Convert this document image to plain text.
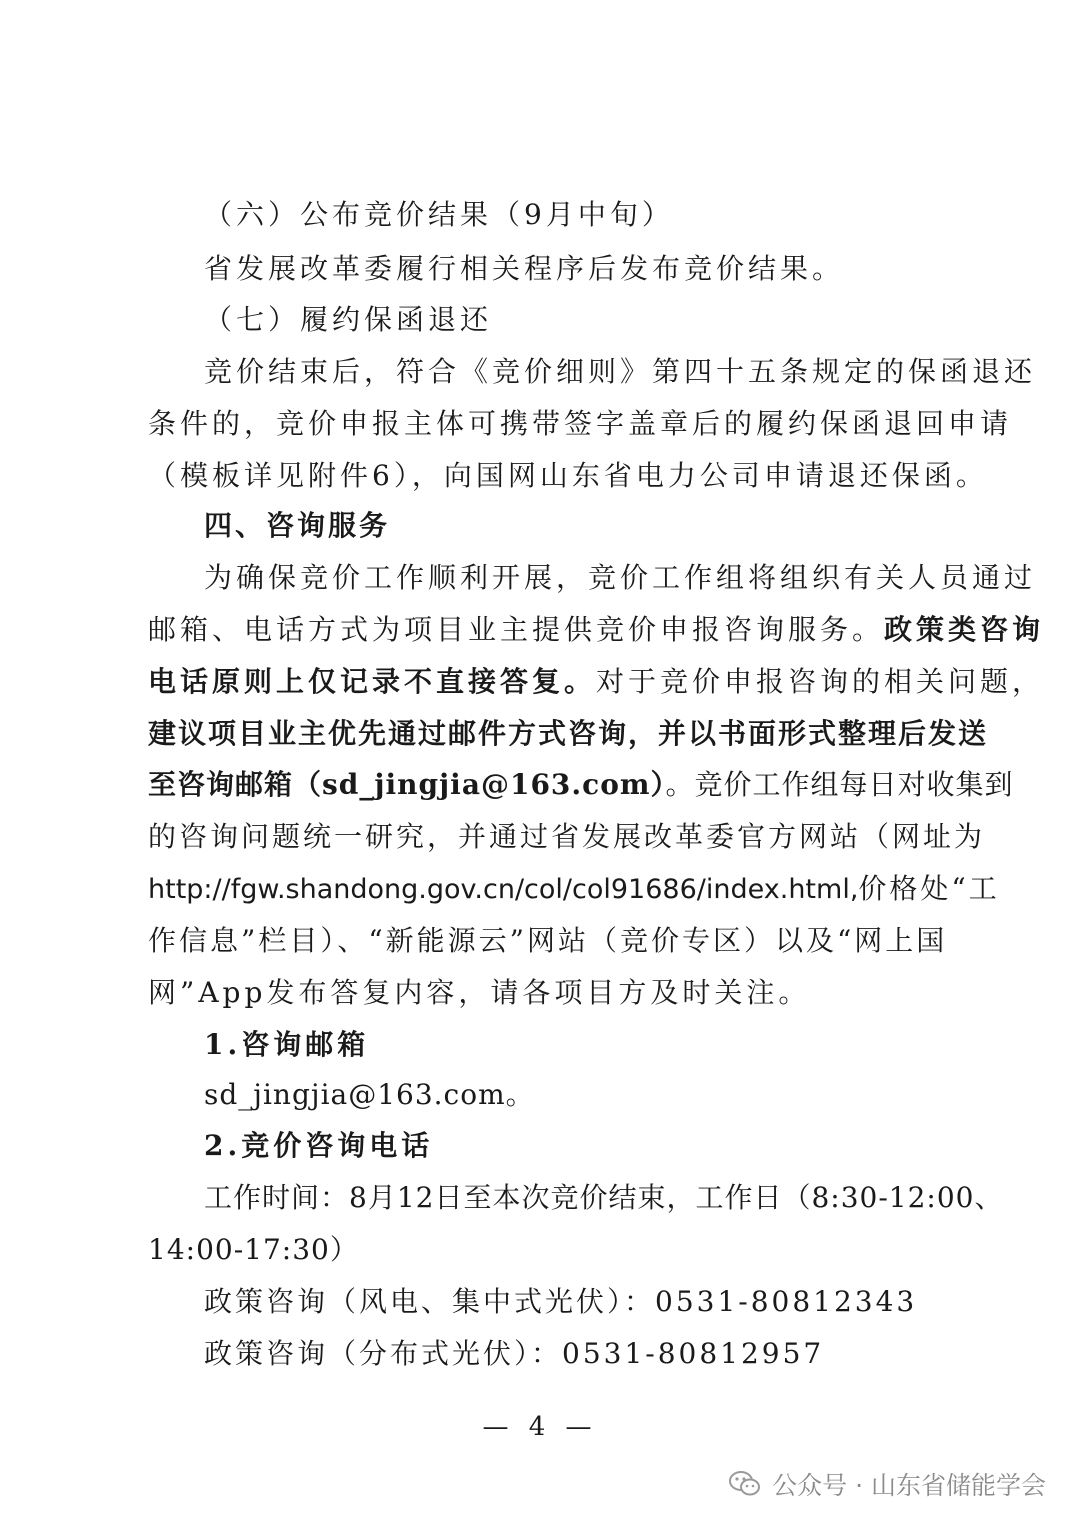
（六）公布竞价结果（9月中旬）
省发展改革委履行相关程序后发布竞价结果。
（七）履约保函退还
竞价结束后，符合《竞价细则》第四十五条规定的保函退还
条件的，竞价申报主体可携带签字盖章后的履约保函退回申请
（模板详见附件6），向国网山东省电力公司申请退还保函。
四、咨询服务
为确保竞价工作顺利开展，竞价工作组将组织有关人员通过
邮箱、电话方式为项目业主提供竞价申报咨询服务。政策类咨询
电话原则上仅记录不直接答复。对于竞价申报咨询的相关问题，
建议项目业主优先通过邮件方式咨询，并以书面形式整理后发送
至咨询邮箱（sd_jingjia@163.com）。竞价工作组每日对收集到
的咨询问题统一研究，并通过省发展改革委官方网站（网址为
http://fgw.shandong.gov.cn/col/col91686/index.html,价格处“工
作信息”栏目）、“新能源云”网站（竞价专区）以及“网上国
网”App发布答复内容，请各项目方及时关注。
1.咨询邮箱
sd_jingjia@163.com。
2.竞价咨询电话
工作时间：8月12日至本次竞价结束，工作日（8:30-12:00、
14:00-17:30）
政策咨询（风电、集中式光伏）：0531-80812343
政策咨询（分布式光伏）：0531-80812957
— 4 —
公众号 · 山东省储能学会
